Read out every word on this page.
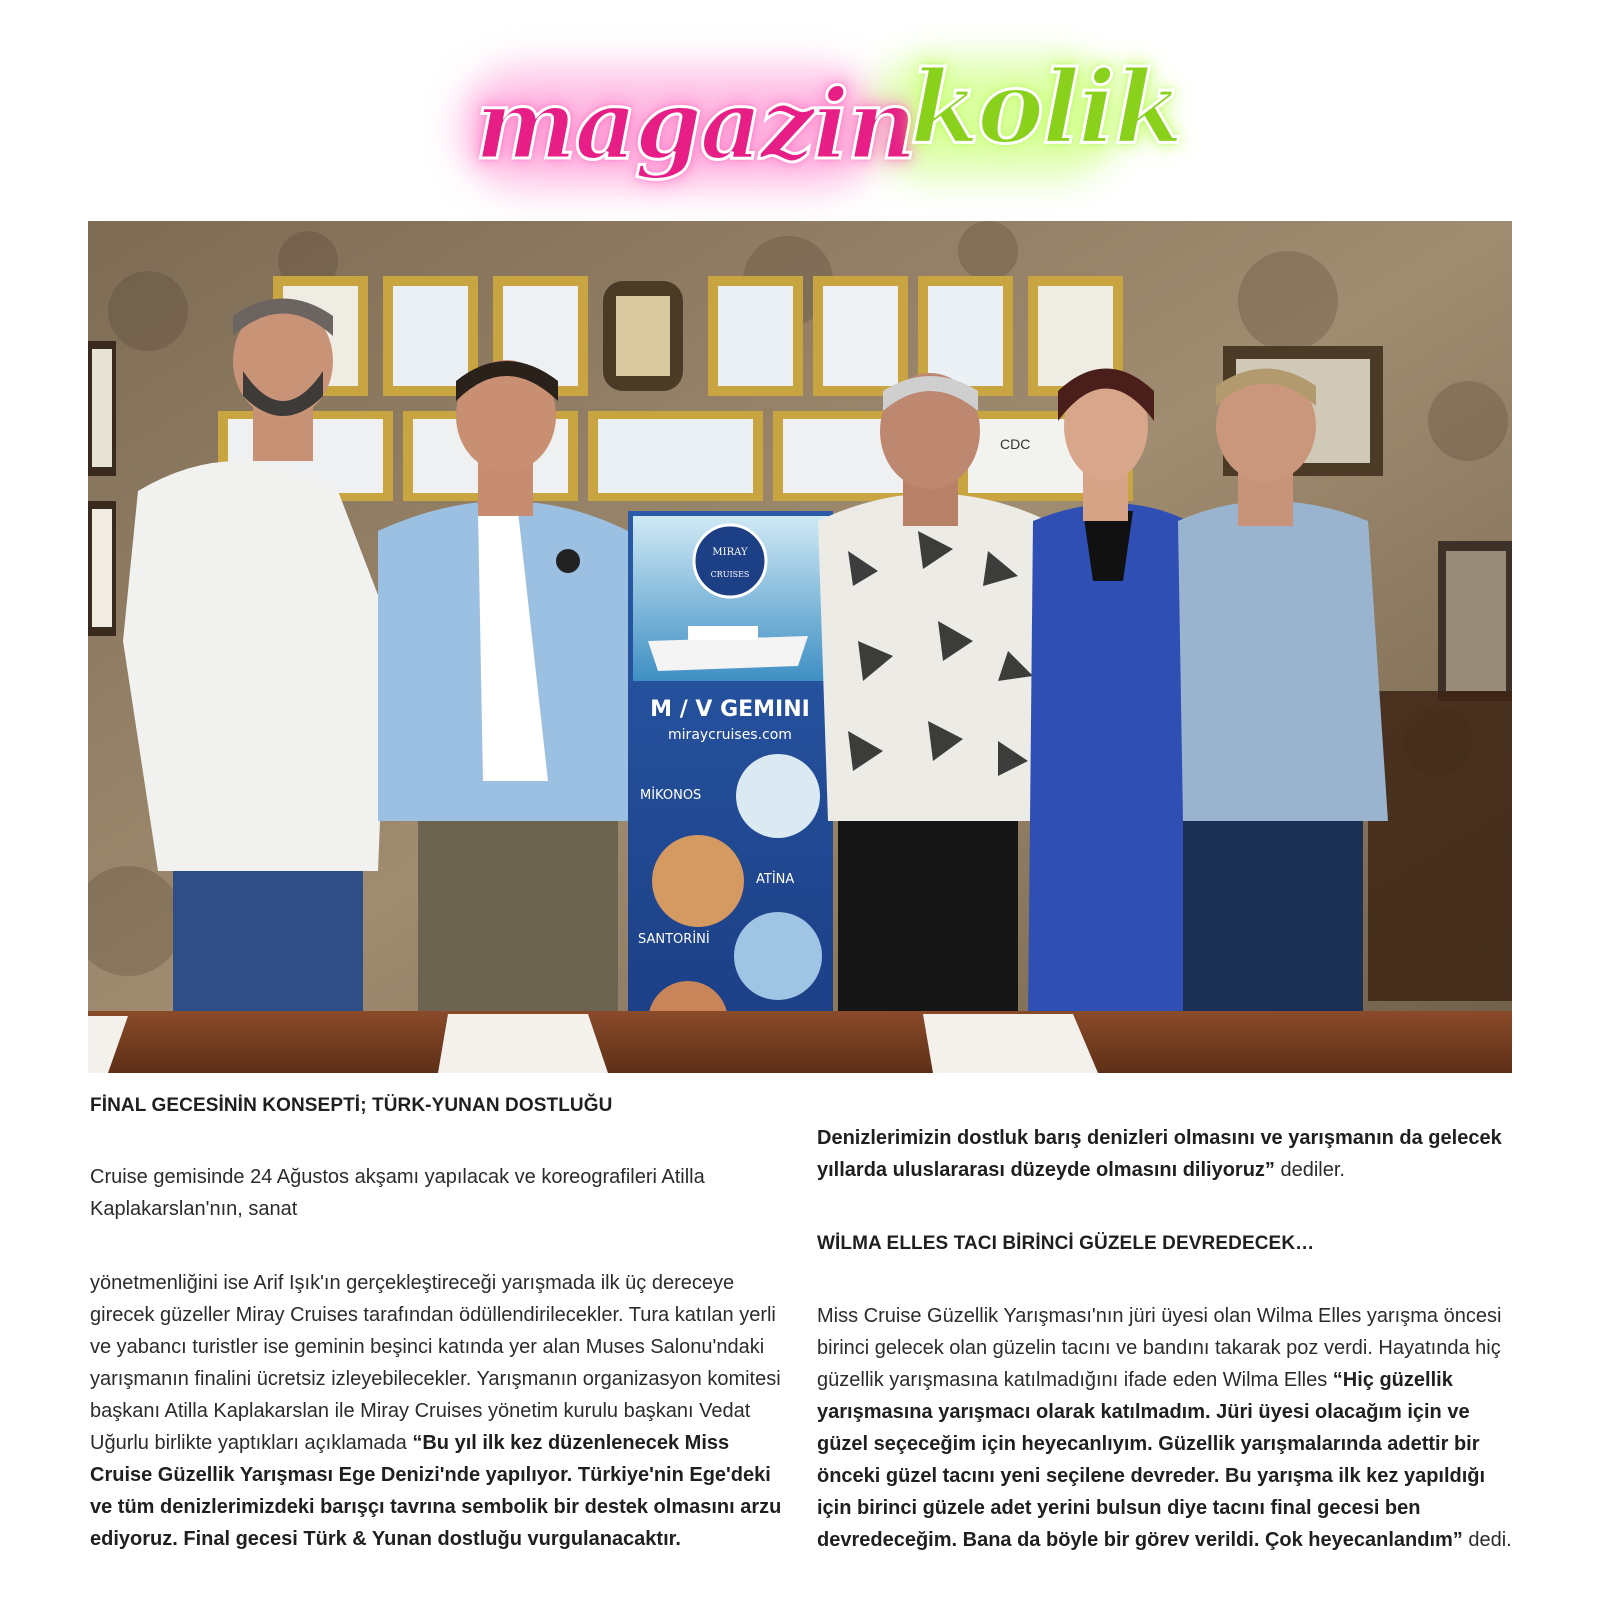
magazin
kolik
CDC
MIRAY
CRUISES
M / V GEMINI
miraycruises.com
MİKONOS
ATİNA
SANTORİNİ

FİNAL GECESİNİN KONSEPTİ; TÜRK-YUNAN DOSTLUĞU

Cruise gemisinde 24 Ağustos akşamı yapılacak ve koreografileri Atilla Kaplakarslan'nın, sanat

yönetmenliğini ise Arif Işık'ın gerçekleştireceği yarışmada ilk üç dereceye girecek güzeller Miray Cruises tarafından ödüllendirilecekler. Tura katılan yerli ve yabancı turistler ise geminin beşinci katında yer alan Muses Salonu'ndaki yarışmanın finalini ücretsiz izleyebilecekler. Yarışmanın organizasyon komitesi başkanı Atilla Kaplakarslan ile Miray Cruises yönetim kurulu başkanı Vedat Uğurlu birlikte yaptıkları açıklamada “Bu yıl ilk kez düzenlenecek Miss Cruise Güzellik Yarışması Ege Denizi'nde yapılıyor. Türkiye'nin Ege'deki ve tüm denizlerimizdeki barışçı tavrına sembolik bir destek olmasını arzu ediyoruz. Final gecesi Türk & Yunan dostluğu vurgulanacaktır.

Denizlerimizin dostluk barış denizleri olmasını ve yarışmanın da gelecek yıllarda uluslararası düzeyde olmasını diliyoruz” dediler.

WİLMA ELLES TACI BİRİNCİ GÜZELE DEVREDECEK…

Miss Cruise Güzellik Yarışması'nın jüri üyesi olan Wilma Elles yarışma öncesi birinci gelecek olan güzelin tacını ve bandını takarak poz verdi. Hayatında hiç güzellik yarışmasına katılmadığını ifade eden Wilma Elles “Hiç güzellik yarışmasına yarışmacı olarak katılmadım. Jüri üyesi olacağım için ve güzel seçeceğim için heyecanlıyım. Güzellik yarışmalarında adettir bir önceki güzel tacını yeni seçilene devreder. Bu yarışma ilk kez yapıldığı için birinci güzele adet yerini bulsun diye tacını final gecesi ben devredeceğim. Bana da böyle bir görev verildi. Çok heyecanlandım” dedi.
